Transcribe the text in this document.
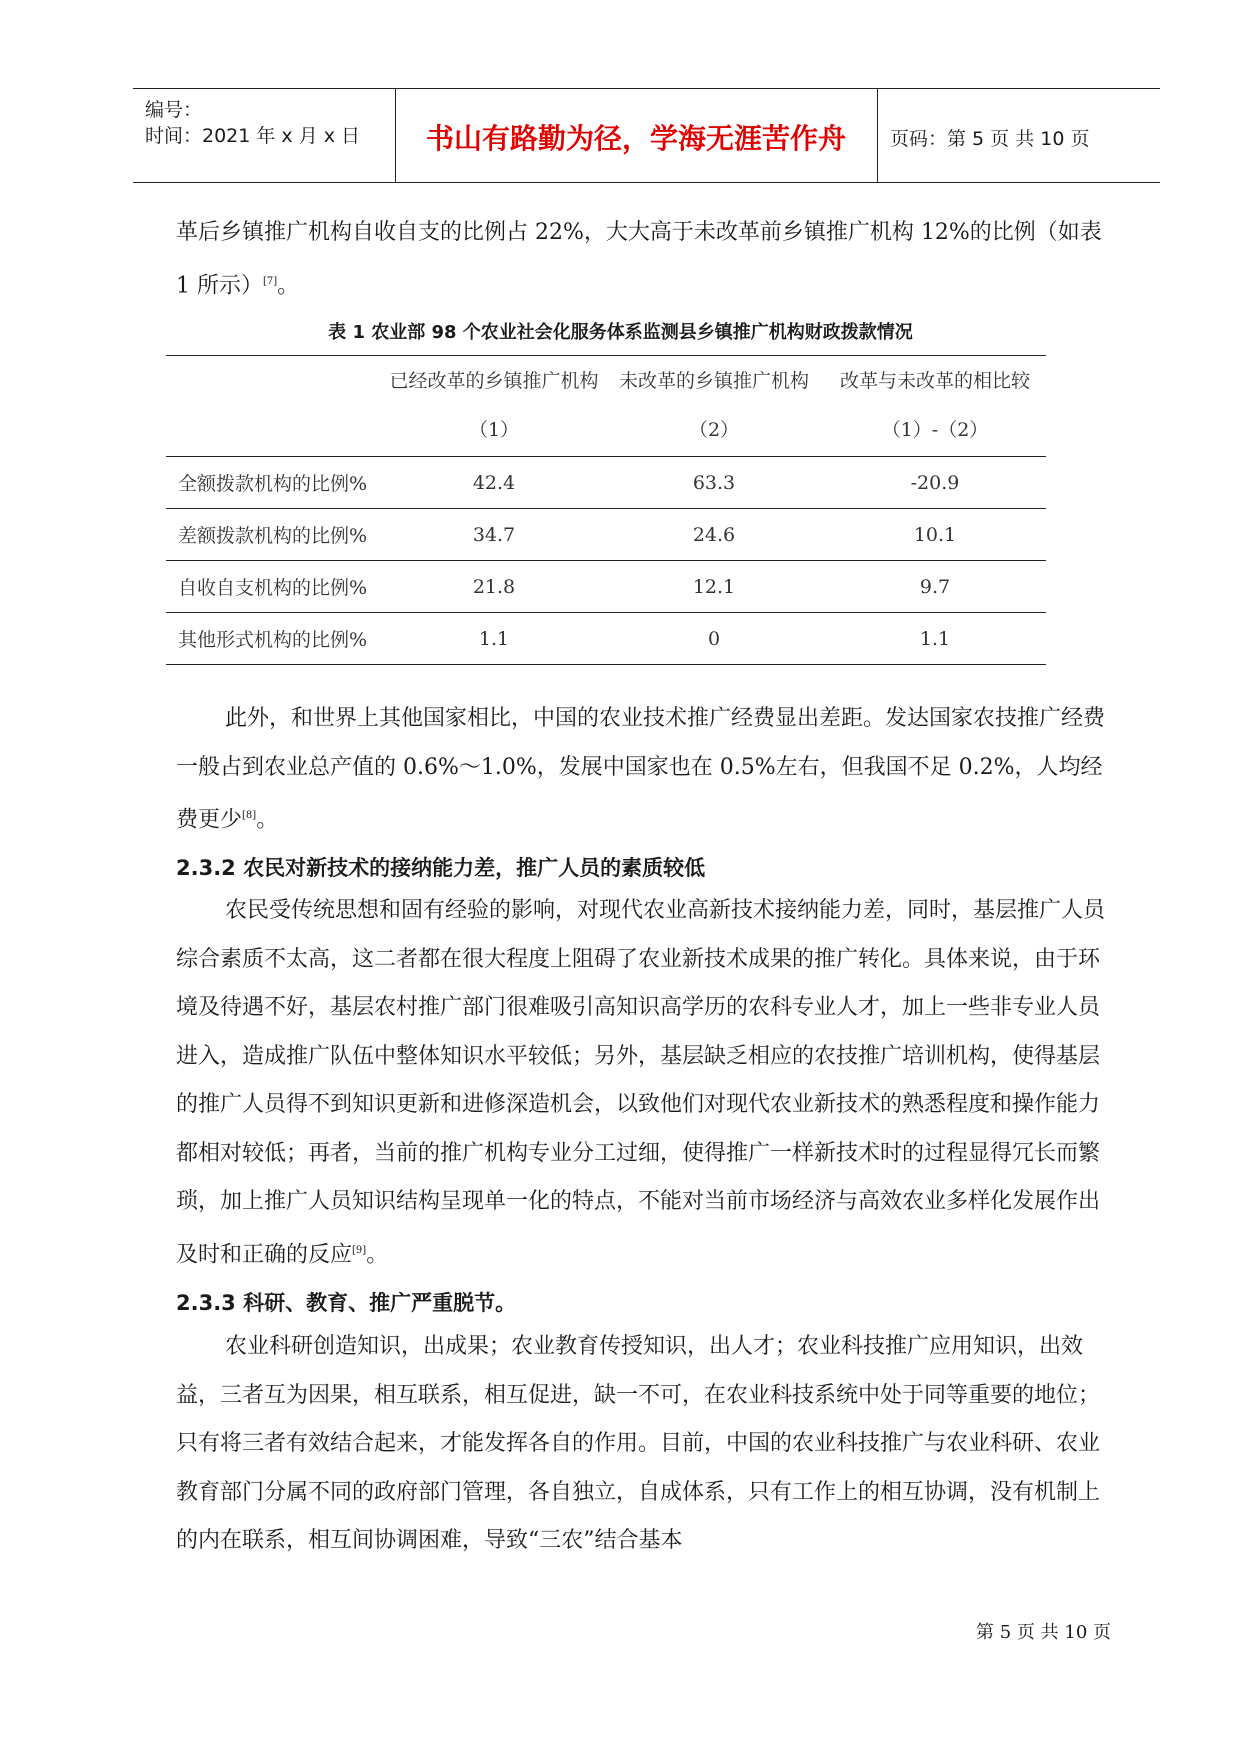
编号：
时间：2021 年 x 月 x 日	书山有路勤为径，学海无涯苦作舟	页码：第 5 页 共 10 页

革后乡镇推广机构自收自支的比例占 22%，大大高于未改革前乡镇推广机构 12%的比例（如表 1 所示）[7]。

表 1 农业部 98 个农业社会化服务体系监测县乡镇推广机构财政拨款情况
	已经改革的乡镇推广机构（1）	未改革的乡镇推广机构（2）	改革与未改革的相比较（1）-（2）
全额拨款机构的比例%	42.4	63.3	-20.9
差额拨款机构的比例%	34.7	24.6	10.1
自收自支机构的比例%	21.8	12.1	9.7
其他形式机构的比例%	1.1	0	1.1

此外，和世界上其他国家相比，中国的农业技术推广经费显出差距。发达国家农技推广经费一般占到农业总产值的 0.6%～1.0%，发展中国家也在 0.5%左右，但我国不足 0.2%，人均经费更少[8]。

2.3.2 农民对新技术的接纳能力差，推广人员的素质较低

农民受传统思想和固有经验的影响，对现代农业高新技术接纳能力差，同时，基层推广人员综合素质不太高，这二者都在很大程度上阻碍了农业新技术成果的推广转化。具体来说，由于环境及待遇不好，基层农村推广部门很难吸引高知识高学历的农科专业人才，加上一些非专业人员进入，造成推广队伍中整体知识水平较低；另外，基层缺乏相应的农技推广培训机构，使得基层的推广人员得不到知识更新和进修深造机会，以致他们对现代农业新技术的熟悉程度和操作能力都相对较低；再者，当前的推广机构专业分工过细，使得推广一样新技术时的过程显得冗长而繁琐，加上推广人员知识结构呈现单一化的特点，不能对当前市场经济与高效农业多样化发展作出及时和正确的反应[9]。

2.3.3 科研、教育、推广严重脱节。

农业科研创造知识，出成果；农业教育传授知识，出人才；农业科技推广应用知识，出效益，三者互为因果，相互联系，相互促进，缺一不可，在农业科技系统中处于同等重要的地位；只有将三者有效结合起来，才能发挥各自的作用。目前，中国的农业科技推广与农业科研、农业教育部门分属不同的政府部门管理，各自独立，自成体系，只有工作上的相互协调，没有机制上的内在联系，相互间协调困难，导致“三农”结合基本

第 5 页 共 10 页
